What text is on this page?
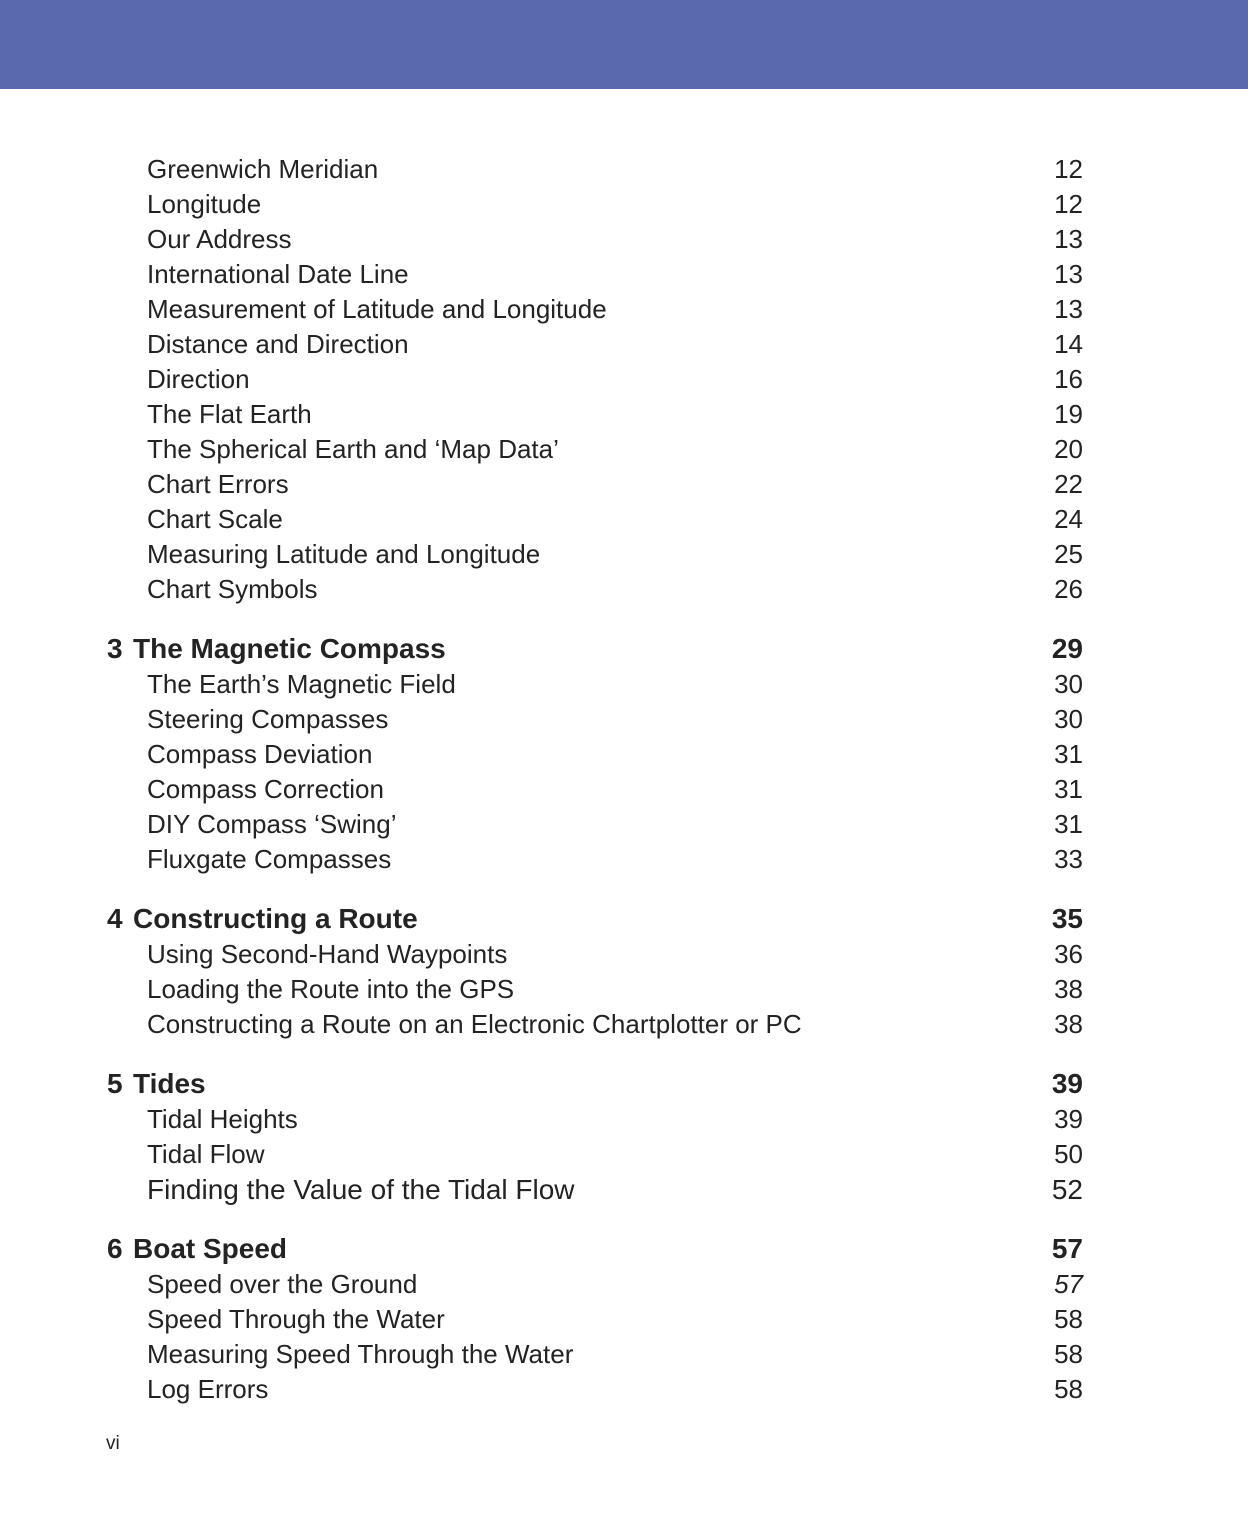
Greenwich Meridian	12
Longitude	12
Our Address	13
International Date Line	13
Measurement of Latitude and Longitude	13
Distance and Direction	14
Direction	16
The Flat Earth	19
The Spherical Earth and ‘Map Data’	20
Chart Errors	22
Chart Scale	24
Measuring Latitude and Longitude	25
Chart Symbols	26
3 The Magnetic Compass	29
The Earth’s Magnetic Field	30
Steering Compasses	30
Compass Deviation	31
Compass Correction	31
DIY Compass ‘Swing’	31
Fluxgate Compasses	33
4 Constructing a Route	35
Using Second-Hand Waypoints	36
Loading the Route into the GPS	38
Constructing a Route on an Electronic Chartplotter or PC	38
5 Tides	39
Tidal Heights	39
Tidal Flow	50
Finding the Value of the Tidal Flow	52
6 Boat Speed	57
Speed over the Ground	57
Speed Through the Water	58
Measuring Speed Through the Water	58
Log Errors	58
vi
